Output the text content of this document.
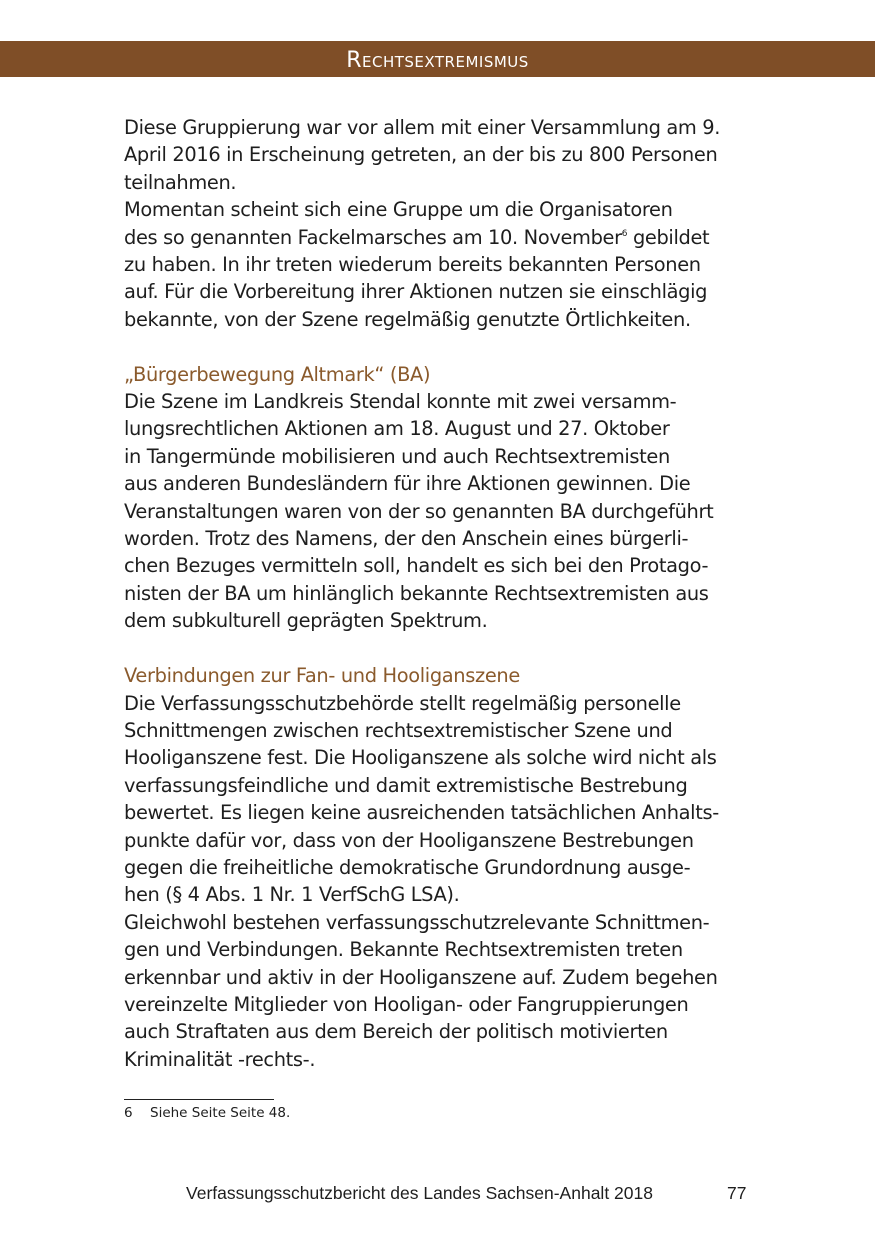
Rechtsextremismus
Diese Gruppierung war vor allem mit einer Versammlung am 9.
April 2016 in Erscheinung getreten, an der bis zu 800 Personen
teilnahmen.
Momentan scheint sich eine Gruppe um die Organisatoren
des so genannten Fackelmarsches am 10. November$^6$ gebildet
zu haben. In ihr treten wiederum bereits bekannten Personen
auf. Für die Vorbereitung ihrer Aktionen nutzen sie einschlägig
bekannte, von der Szene regelmäßig genutzte Örtlichkeiten.
„Bürgerbewegung Altmark“ (BA)
Die Szene im Landkreis Stendal konnte mit zwei versamm-
lungsrechtlichen Aktionen am 18. August und 27. Oktober
in Tangermünde mobilisieren und auch Rechtsextremisten
aus anderen Bundesländern für ihre Aktionen gewinnen. Die
Veranstaltungen waren von der so genannten BA durchgeführt
worden. Trotz des Namens, der den Anschein eines bürgerli-
chen Bezuges vermitteln soll, handelt es sich bei den Protago-
nisten der BA um hinlänglich bekannte Rechtsextremisten aus
dem subkulturell geprägten Spektrum.
Verbindungen zur Fan- und Hooliganszene
Die Verfassungsschutzbehörde stellt regelmäßig personelle
Schnittmengen zwischen rechtsextremistischer Szene und
Hooliganszene fest. Die Hooliganszene als solche wird nicht als
verfassungsfeindliche und damit extremistische Bestrebung
bewertet. Es liegen keine ausreichenden tatsächlichen Anhalts-
punkte dafür vor, dass von der Hooliganszene Bestrebungen
gegen die freiheitliche demokratische Grundordnung ausge-
hen (§ 4 Abs. 1 Nr. 1 VerfSchG LSA).
Gleichwohl bestehen verfassungsschutzrelevante Schnittmen-
gen und Verbindungen. Bekannte Rechtsextremisten treten
erkennbar und aktiv in der Hooliganszene auf. Zudem begehen
vereinzelte Mitglieder von Hooligan- oder Fangruppierungen
auch Straftaten aus dem Bereich der politisch motivierten
Kriminalität -rechts-.
6 Siehe Seite Seite 48.
Verfassungsschutzbericht des Landes Sachsen-Anhalt 2018	77
